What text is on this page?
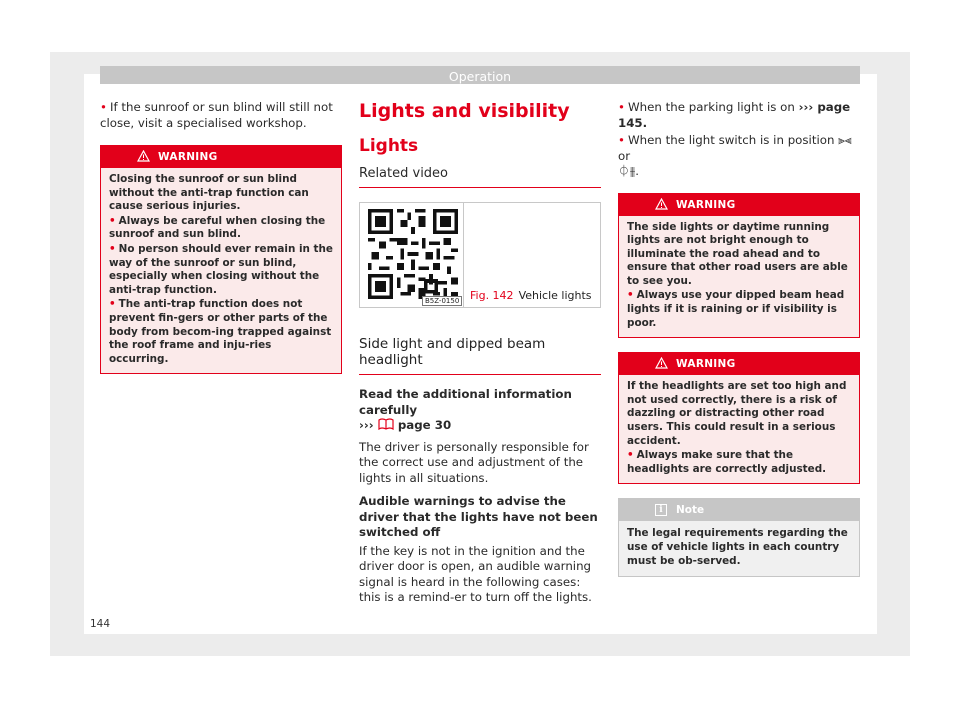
Operation

• If the sunroof or sun blind will still not close, visit a specialised workshop.

WARNING

Closing the sunroof or sun blind without the anti-trap function can cause serious injuries.

• Always be careful when closing the sunroof and sun blind.

• No person should ever remain in the way of the sunroof or sun blind, especially when closing without the anti-trap function.

• The anti-trap function does not prevent fin-gers or other parts of the body from becom-ing trapped against the roof frame and inju-ries occurring.

Lights and visibility
Lights
Related video
B5Z-0150 Fig. 142 Vehicle lights
Side light and dipped beam headlight

Read the additional information carefully

››› page 30

The driver is personally responsible for the correct use and adjustment of the lights in all situations.

Audible warnings to advise the driver that the lights have not been switched off

If the key is not in the ignition and the driver door is open, an audible warning signal is heard in the following cases: this is a remind-er to turn off the lights.

• When the parking light is on ››› page 145.

• When the light switch is in position ⫸⫷ or
⏀⫵.

WARNING

The side lights or daytime running lights are not bright enough to illuminate the road ahead and to ensure that other road users are able to see you.

• Always use your dipped beam head lights if it is raining or if visibility is poor.

WARNING

If the headlights are set too high and not used correctly, there is a risk of dazzling or distracting other road users. This could result in a serious accident.

• Always make sure that the headlights are correctly adjusted.

i	Note
The legal requirements regarding the use of vehicle lights in each country must be ob-served.
144
